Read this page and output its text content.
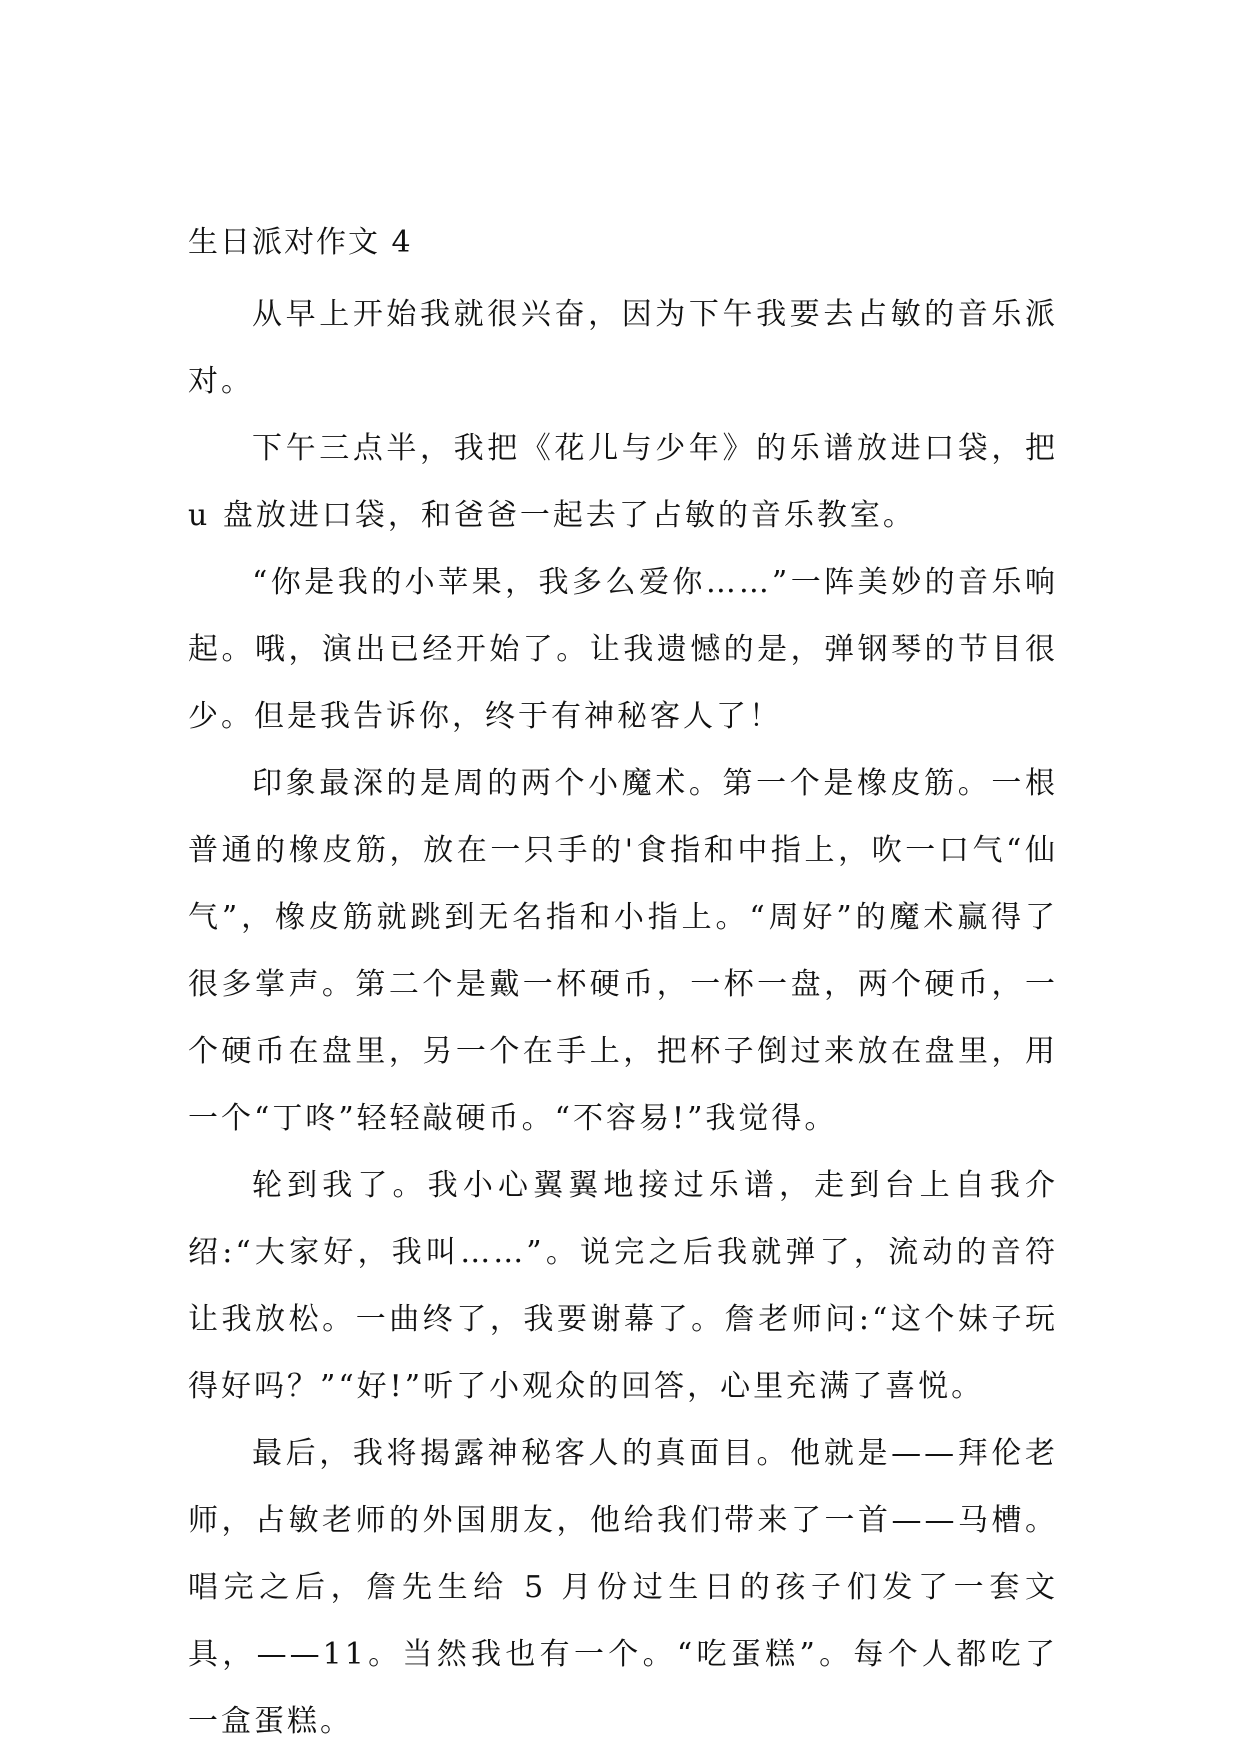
生日派对作文 4

从早上开始我就很兴奋，因为下午我要去占敏的音乐派对。

下午三点半，我把《花儿与少年》的乐谱放进口袋，把 u 盘放进口袋，和爸爸一起去了占敏的音乐教室。

“你是我的小苹果，我多么爱你……”一阵美妙的音乐响起。哦，演出已经开始了。让我遗憾的是，弹钢琴的节目很少。但是我告诉你，终于有神秘客人了！

印象最深的是周的两个小魔术。第一个是橡皮筋。一根普通的橡皮筋，放在一只手的'食指和中指上，吹一口气“仙气”，橡皮筋就跳到无名指和小指上。“周好”的魔术赢得了很多掌声。第二个是戴一杯硬币，一杯一盘，两个硬币，一个硬币在盘里，另一个在手上，把杯子倒过来放在盘里，用一个“丁咚”轻轻敲硬币。“不容易!”我觉得。

轮到我了。我小心翼翼地接过乐谱，走到台上自我介绍:“大家好，我叫……”。说完之后我就弹了，流动的音符让我放松。一曲终了，我要谢幕了。詹老师问:“这个妹子玩得好吗？”“好!”听了小观众的回答，心里充满了喜悦。

最后，我将揭露神秘客人的真面目。他就是——拜伦老师，占敏老师的外国朋友，他给我们带来了一首——马槽。唱完之后，詹先生给 5 月份过生日的孩子们发了一套文具，——11。当然我也有一个。“吃蛋糕”。每个人都吃了一盒蛋糕。
